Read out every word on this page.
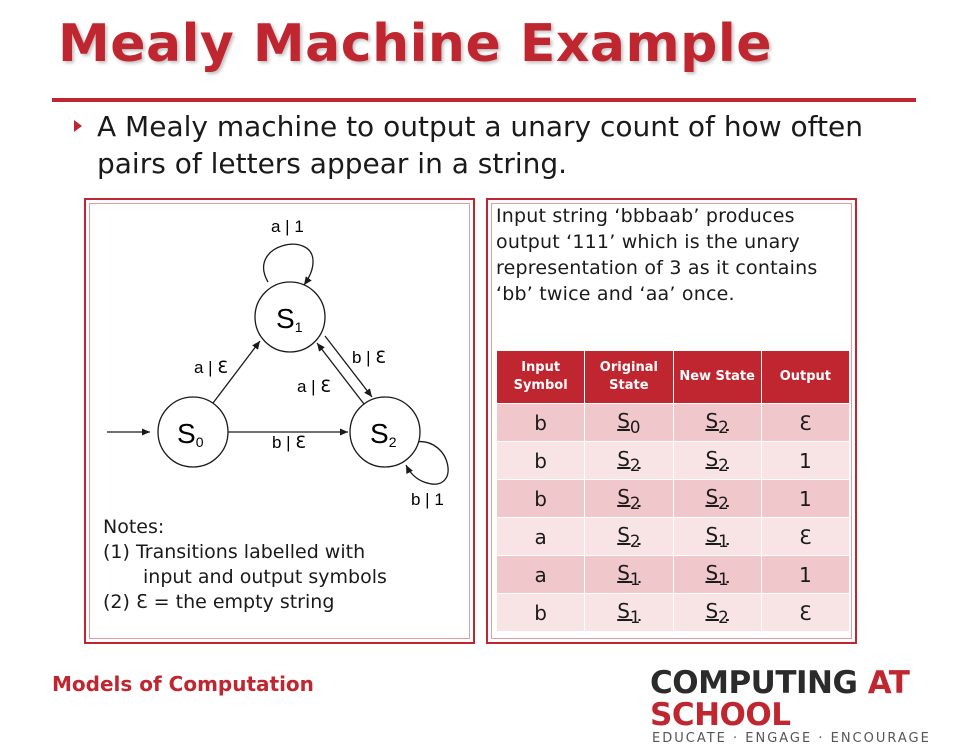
Mealy Machine Example
A Mealy machine to output a unary count of how often pairs of letters appear in a string.
S1
S0	S2
a | 1
a | ℇ
a | ℇ
b | ℇ
b | ℇ
b | 1
Notes:
(1) Transitions labelled with
input and output symbols
(2) ℇ = the empty string
Input string ‘bbbaab’ produces output ‘111’ which is the unary representation of 3 as it contains ‘bb’ twice and ‘aa’ once.
Input Symbol	Original State	New State	Output
b	$S_0$	$S_2$	ℇ
b	$S_2$	$S_2$	1
b	$S_2$	$S_2$	1
a	$S_2$	$S_1$	ℇ
a	$S_1$	$S_1$	1
b	$S_1$	$S_2$	ℇ
Models of Computation	COMPUTING AT SCHOOL
EDUCATE · ENGAGE · ENCOURAGE
